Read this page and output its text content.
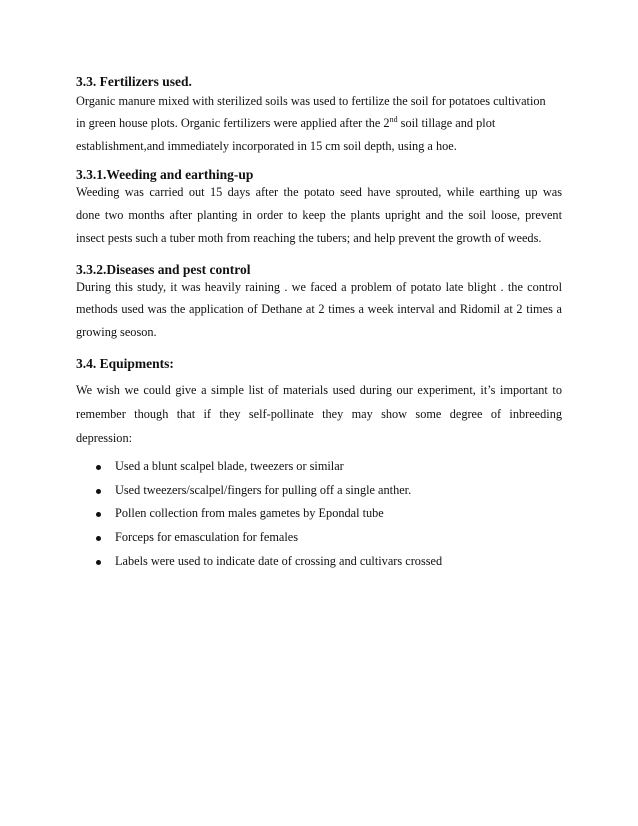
3.3. Fertilizers used.

Organic manure mixed with sterilized soils was used to fertilize the soil for potatoes cultivation

in green house plots. Organic fertilizers were applied after the 2nd soil tillage and plot

establishment,and immediately incorporated in 15 cm soil depth, using a hoe.

3.3.1.Weeding and earthing-up

Weeding was carried out 15 days after the potato seed have sprouted, while earthing up was

done two months after planting in order to keep the plants upright and the soil loose, prevent

insect pests such a tuber moth from reaching the tubers; and help prevent the growth of weeds.

3.3.2.Diseases and pest control

During this study, it was heavily raining . we faced a problem of potato late blight . the control

methods used was the application of Dethane at 2 times a week interval and Ridomil at 2 times a

growing seoson.

3.4. Equipments:

We wish we could give a simple list of materials used during our experiment, it’s important to

remember though that if they self-pollinate they may show some degree of inbreeding

depression:

Used a blunt scalpel blade, tweezers or similar
Used tweezers/scalpel/fingers for pulling off a single anther.
Pollen collection from males gametes by Epondal tube
Forceps for emasculation for females
Labels were used to indicate date of crossing and cultivars crossed
